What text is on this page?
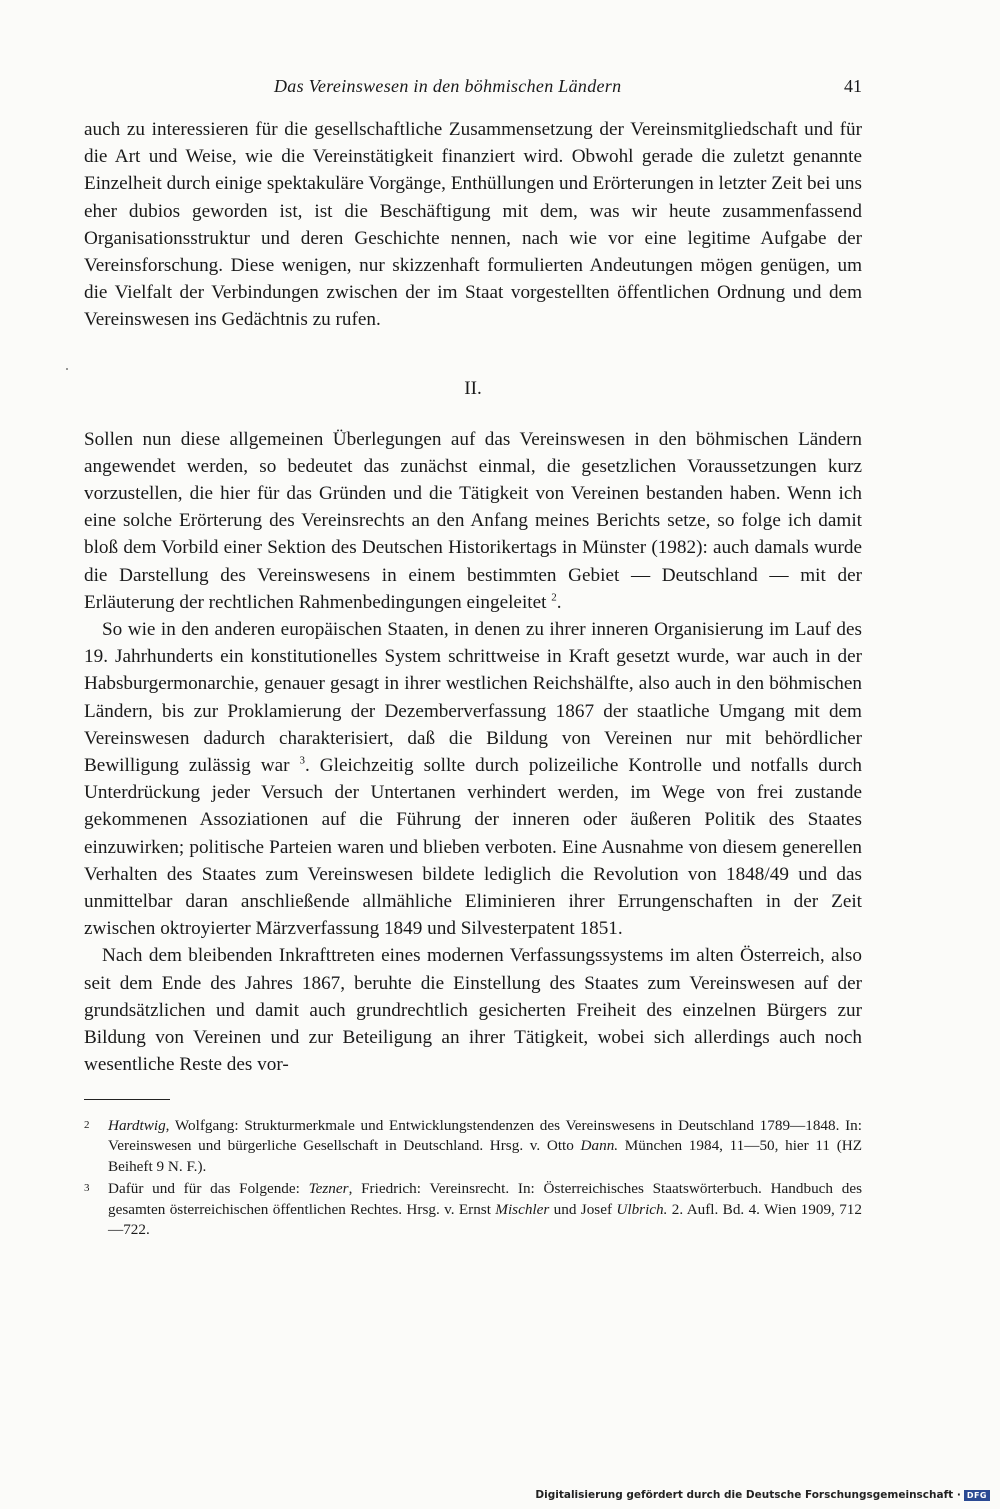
Das Vereinswesen in den böhmischen Ländern	41

auch zu interessieren für die gesellschaftliche Zusammensetzung der Vereinsmitgliedschaft und für die Art und Weise, wie die Vereinstätigkeit finanziert wird. Obwohl gerade die zuletzt genannte Einzelheit durch einige spektakuläre Vorgänge, Enthüllungen und Erörterungen in letzter Zeit bei uns eher dubios geworden ist, ist die Beschäftigung mit dem, was wir heute zusammenfassend Organisationsstruktur und deren Geschichte nennen, nach wie vor eine legitime Aufgabe der Vereinsforschung. Diese wenigen, nur skizzenhaft formulierten Andeutungen mögen genügen, um die Vielfalt der Verbindungen zwischen der im Staat vorgestellten öffentlichen Ordnung und dem Vereinswesen ins Gedächtnis zu rufen.

II.

Sollen nun diese allgemeinen Überlegungen auf das Vereinswesen in den böhmischen Ländern angewendet werden, so bedeutet das zunächst einmal, die gesetzlichen Voraussetzungen kurz vorzustellen, die hier für das Gründen und die Tätigkeit von Vereinen bestanden haben. Wenn ich eine solche Erörterung des Vereinsrechts an den Anfang meines Berichts setze, so folge ich damit bloß dem Vorbild einer Sektion des Deutschen Historikertags in Münster (1982): auch damals wurde die Darstellung des Vereinswesens in einem bestimmten Gebiet — Deutschland — mit der Erläuterung der rechtlichen Rahmenbedingungen eingeleitet $^2$.

So wie in den anderen europäischen Staaten, in denen zu ihrer inneren Organisierung im Lauf des 19. Jahrhunderts ein konstitutionelles System schrittweise in Kraft gesetzt wurde, war auch in der Habsburgermonarchie, genauer gesagt in ihrer westlichen Reichshälfte, also auch in den böhmischen Ländern, bis zur Proklamierung der Dezemberverfassung 1867 der staatliche Umgang mit dem Vereinswesen dadurch charakterisiert, daß die Bildung von Vereinen nur mit behördlicher Bewilligung zulässig war $^3$. Gleichzeitig sollte durch polizeiliche Kontrolle und notfalls durch Unterdrückung jeder Versuch der Untertanen verhindert werden, im Wege von frei zustande gekommenen Assoziationen auf die Führung der inneren oder äußeren Politik des Staates einzuwirken; politische Parteien waren und blieben verboten. Eine Ausnahme von diesem generellen Verhalten des Staates zum Vereinswesen bildete lediglich die Revolution von 1848/49 und das unmittelbar daran anschließende allmähliche Eliminieren ihrer Errungenschaften in der Zeit zwischen oktroyierter Märzverfassung 1849 und Silvesterpatent 1851.

Nach dem bleibenden Inkrafttreten eines modernen Verfassungssystems im alten Österreich, also seit dem Ende des Jahres 1867, beruhte die Einstellung des Staates zum Vereinswesen auf der grundsätzlichen und damit auch grundrechtlich gesicherten Freiheit des einzelnen Bürgers zur Bildung von Vereinen und zur Beteiligung an ihrer Tätigkeit, wobei sich allerdings auch noch wesentliche Reste des vor-

2 Hardtwig, Wolfgang: Strukturmerkmale und Entwicklungstendenzen des Vereinswesens in Deutschland 1789—1848. In: Vereinswesen und bürgerliche Gesellschaft in Deutschland. Hrsg. v. Otto Dann. München 1984, 11—50, hier 11 (HZ Beiheft 9 N. F.).

3 Dafür und für das Folgende: Tezner, Friedrich: Vereinsrecht. In: Österreichisches Staatswörterbuch. Handbuch des gesamten österreichischen öffentlichen Rechtes. Hrsg. v. Ernst Mischler und Josef Ulbrich. 2. Aufl. Bd. 4. Wien 1909, 712—722.

Digitalisierung gefördert durch die Deutsche Forschungsgemeinschaft · DFG
